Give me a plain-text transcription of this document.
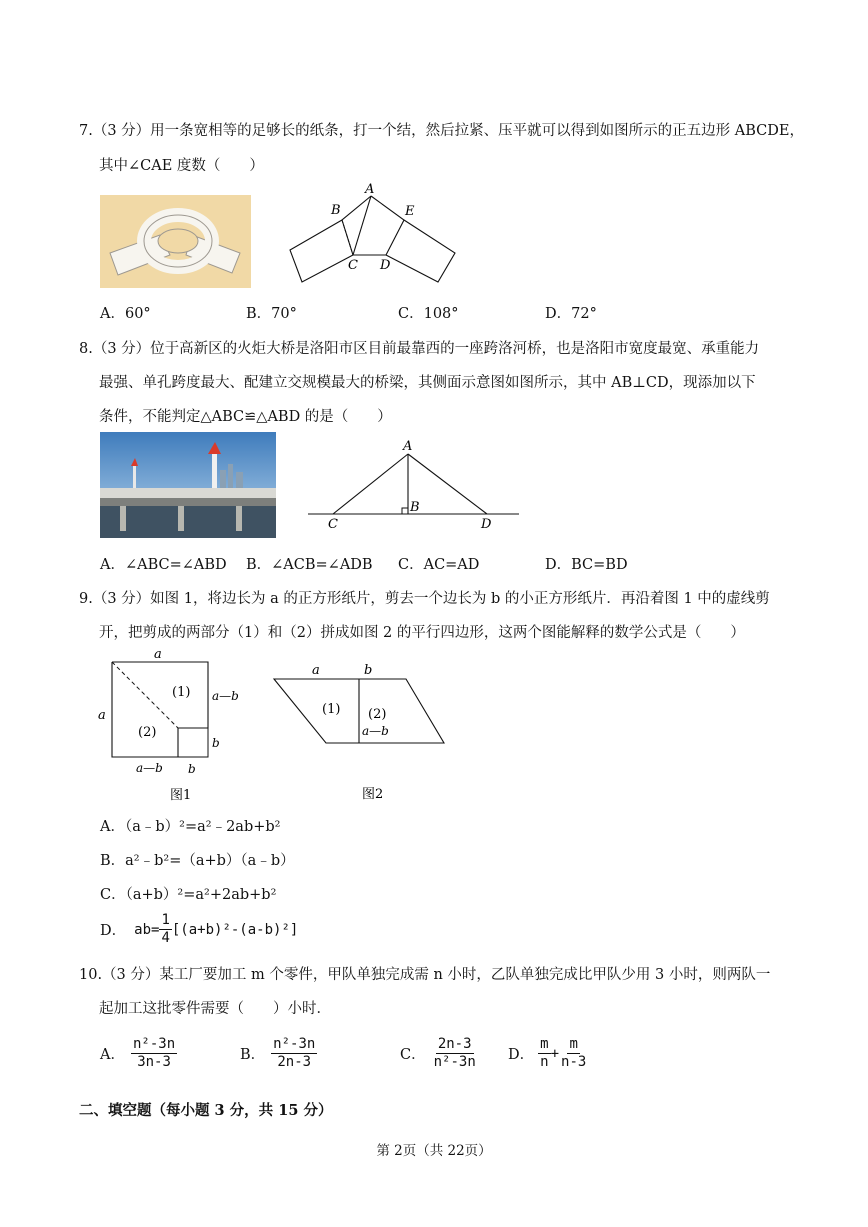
7.（3 分）用一条宽相等的足够长的纸条，打一个结，然后拉紧、压平就可以得到如图所示的正五边形 ABCDE，
其中∠CAE 度数（　　）
A
B
C D
E
A．60°	B．70°	C．108°	D．72°
8.（3 分）位于高新区的火炬大桥是洛阳市区目前最靠西的一座跨洛河桥，也是洛阳市宽度最宽、承重能力
最强、单孔跨度最大、配建立交规模最大的桥梁，其侧面示意图如图所示，其中 AB⊥CD，现添加以下
条件，不能判定△ABC≌△ABD 的是（　　）
A
B
C	D
A．∠ABC=∠ABD B．∠ACB=∠ADB C．AC=AD	D．BC=BD
9.（3 分）如图 1，将边长为 a 的正方形纸片，剪去一个边长为 b 的小正方形纸片．再沿着图 1 中的虚线剪
开，把剪成的两部分（1）和（2）拼成如图 2 的平行四边形，这两个图能解释的数学公式是（　　）
a
a
a—b
b
a—b b
(1)
(2)
图1
a	b
(1) (2)
a—b
图2
A．（a﹣b）²=a²﹣2ab+b²
B．a²﹣b²=（a+b）（a﹣b）
C．（a+b）²=a²+2ab+b²
D． $ab= \frac{1}{4} [(a+b)^2-(a-b)^2]$
10.（3 分）某工厂要加工 m 个零件，甲队单独完成需 n 小时，乙队单独完成比甲队少用 3 小时，则两队一
起加工这批零件需要（　　）小时．
A． $\frac{\text{n²-3n}}{3n-3}$	B． $\frac{\text{n²-3n}}{2n-3}$	C． $\frac{2n-3}{\text{n²-3n}}$ D． $\frac{m}{n} + \frac{m}{n-3}$
二、填空题（每小题 3 分，共 15 分）
第 2页（共 22页）
